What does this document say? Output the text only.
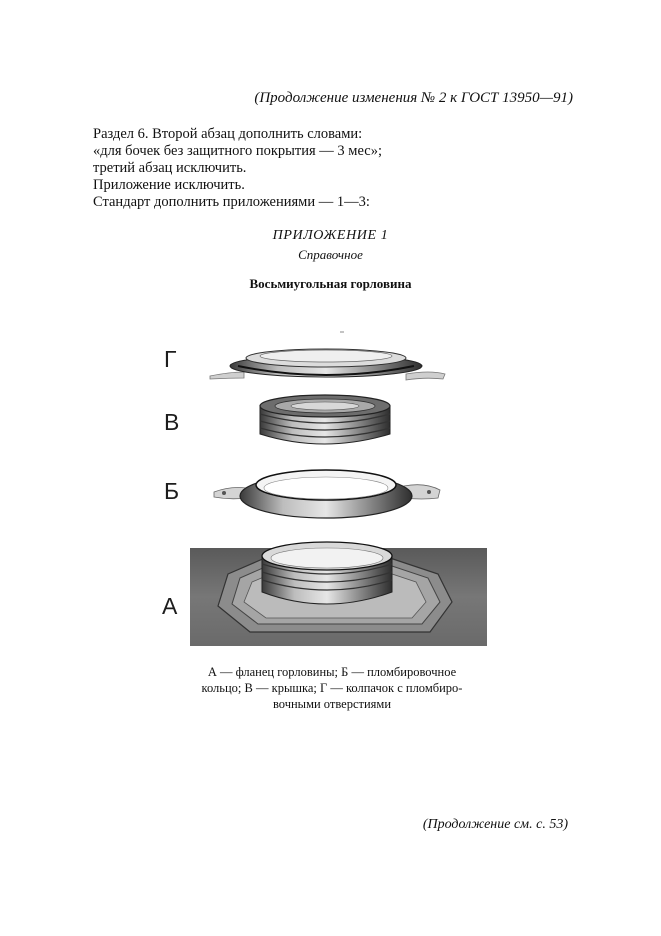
(Продолжение изменения № 2 к ГОСТ 13950—91)
Раздел 6. Второй абзац дополнить словами:
«для бочек без защитного покрытия — 3 мес»;
третий абзац исключить.
Приложение исключить.
Стандарт дополнить приложениями — 1—3:
ПРИЛОЖЕНИЕ 1
Справочное
Восьмиугольная горловина
Г
В
Б
А
А — фланец горловины; Б — пломбировочное
кольцо; В — крышка; Г — колпачок с пломбиро-
вочными отверстиями
(Продолжение см. с. 53)
